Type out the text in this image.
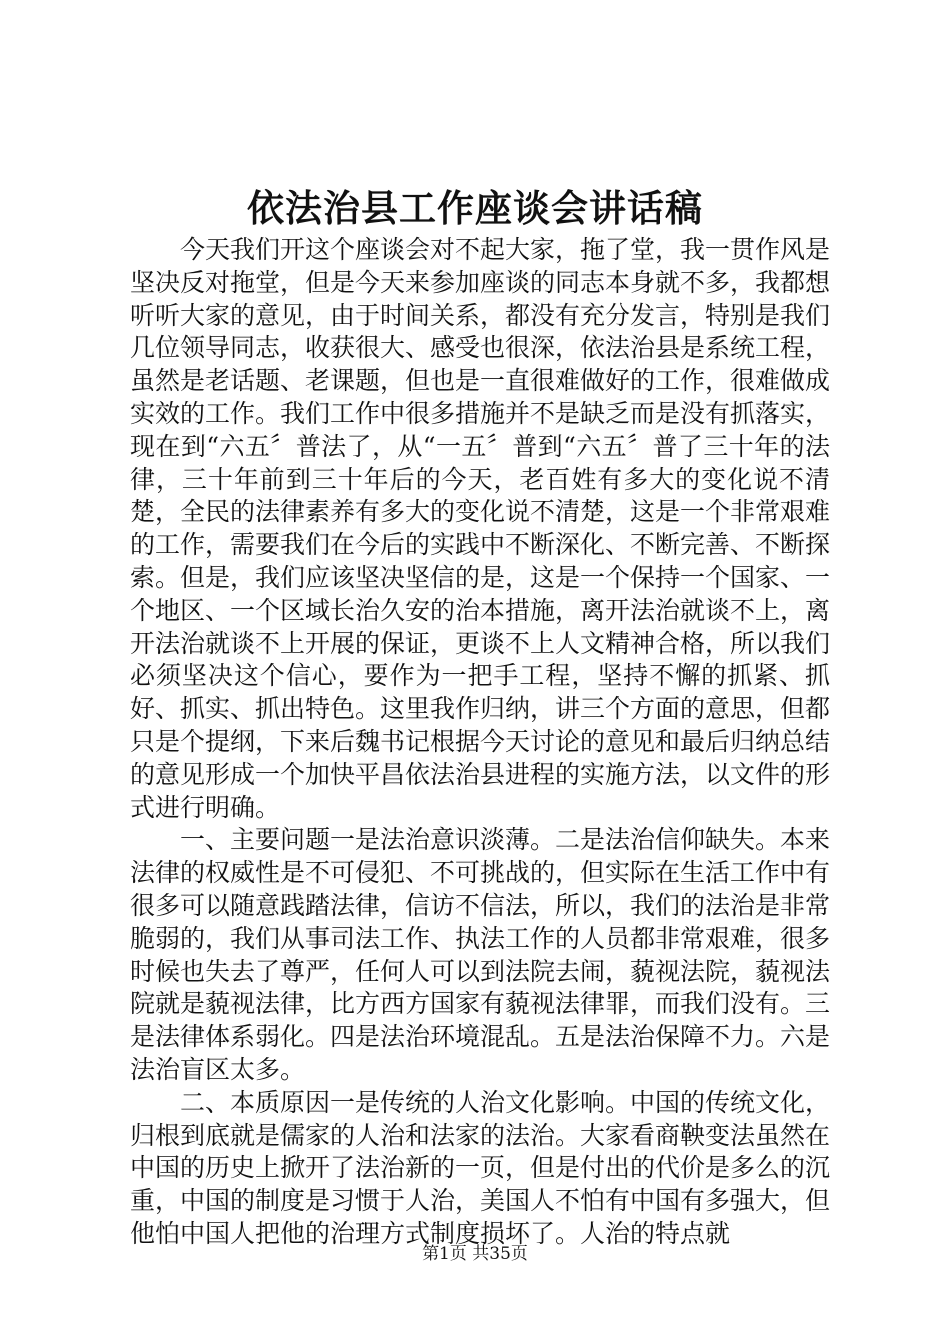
依法治县工作座谈会讲话稿

今天我们开这个座谈会对不起大家，拖了堂，我一贯作风是坚决反对拖堂，但是今天来参加座谈的同志本身就不多，我都想听听大家的意见，由于时间关系，都没有充分发言，特别是我们几位领导同志，收获很大、感受也很深，依法治县是系统工程，虽然是老话题、老课题，但也是一直很难做好的工作，很难做成实效的工作。我们工作中很多措施并不是缺乏而是没有抓落实，现在到“六五〞普法了，从“一五〞普到“六五〞普了三十年的法律，三十年前到三十年后的今天，老百姓有多大的变化说不清楚，全民的法律素养有多大的变化说不清楚，这是一个非常艰难的工作，需要我们在今后的实践中不断深化、不断完善、不断探索。但是，我们应该坚决坚信的是，这是一个保持一个国家、一个地区、一个区域长治久安的治本措施，离开法治就谈不上，离开法治就谈不上开展的保证，更谈不上人文精神合格，所以我们必须坚决这个信心，要作为一把手工程，坚持不懈的抓紧、抓好、抓实、抓出特色。这里我作归纳，讲三个方面的意思，但都只是个提纲，下来后魏书记根据今天讨论的意见和最后归纳总结的意见形成一个加快平昌依法治县进程的实施方法，以文件的形式进行明确。

一、主要问题一是法治意识淡薄。二是法治信仰缺失。本来法律的权威性是不可侵犯、不可挑战的，但实际在生活工作中有很多可以随意践踏法律，信访不信法，所以，我们的法治是非常脆弱的，我们从事司法工作、执法工作的人员都非常艰难，很多时候也失去了尊严，任何人可以到法院去闹，藐视法院，藐视法院就是藐视法律，比方西方国家有藐视法律罪，而我们没有。三是法律体系弱化。四是法治环境混乱。五是法治保障不力。六是法治盲区太多。

二、本质原因一是传统的人治文化影响。中国的传统文化，归根到底就是儒家的人治和法家的法治。大家看商鞅变法虽然在中国的历史上掀开了法治新的一页，但是付出的代价是多么的沉重，中国的制度是习惯于人治，美国人不怕有中国有多强大，但他怕中国人把他的治理方式制度损坏了。人治的特点就

第1页 共35页
